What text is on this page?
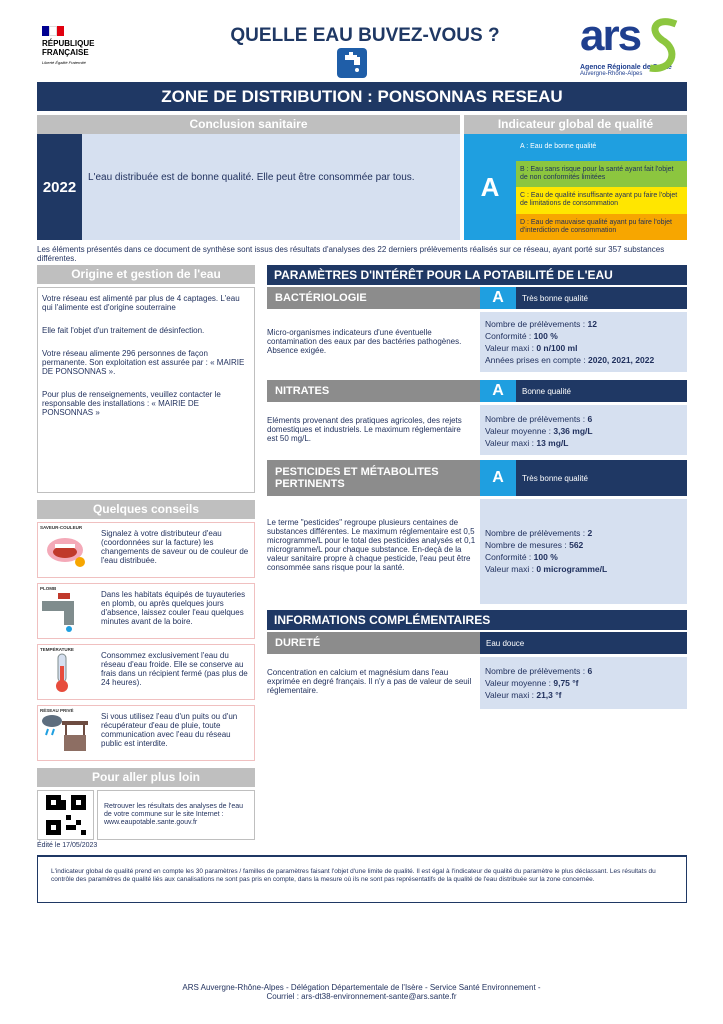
RÉPUBLIQUE
FRANÇAISE
Liberté Égalité Fraternité
QUELLE EAU BUVEZ-VOUS ? ars
Agence Régionale de Santé
Auvergne-Rhône-Alpes
ZONE DE DISTRIBUTION : PONSONNAS RESEAU
Conclusion sanitaire	Indicateur global de qualité
2022
L'eau distribuée est de bonne qualité. Elle peut être consommée par tous.	A
A : Eau de bonne qualité
B : Eau sans risque pour la santé ayant fait l'objet de non conformités limitées
C : Eau de qualité insuffisante ayant pu faire l'objet de limitations de consommation
D : Eau de mauvaise qualité ayant pu faire l'objet d'interdiction de consommation
Les éléments présentés dans ce document de synthèse sont issus des résultats d'analyses des 22 derniers prélèvements réalisés sur ce réseau, ayant porté sur 357 substances différentes.
Origine et gestion de l'eau

Votre réseau est alimenté par plus de 4 captages. L'eau qui l'alimente est d'origine souterraine

Elle fait l'objet d'un traitement de désinfection.

Votre réseau alimente 296 personnes de façon permanente. Son exploitation est assurée par : « MAIRIE DE PONSONNAS ».

Pour plus de renseignements, veuillez contacter le responsable des installations : « MAIRIE DE PONSONNAS »

Quelques conseils
SAVEUR-COULEUR
Signalez à votre distributeur d'eau (coordonnées sur la facture) les changements de saveur ou de couleur de l'eau distribuée.
PLOMB
Dans les habitats équipés de tuyauteries en plomb, ou après quelques jours d'absence, laissez couler l'eau quelques minutes avant de la boire.
TEMPÉRATURE
Consommez exclusivement l'eau du réseau d'eau froide. Elle se conserve au frais dans un récipient fermé (pas plus de 24 heures).
RÉSEAU PRIVÉ
Si vous utilisez l'eau d'un puits ou d'un récupérateur d'eau de pluie, toute communication avec l'eau du réseau public est interdite.
Pour aller plus loin
Retrouver les résultats des analyses de l'eau de votre commune sur le site Internet : www.eaupotable.sante.gouv.fr
Édité le 17/05/2023
PARAMÈTRES D'INTÉRÊT POUR LA POTABILITÉ DE L'EAU
BACTÉRIOLOGIE	A	Très bonne qualité
Micro-organismes indicateurs d'une éventuelle contamination des eaux par des bactéries pathogènes. Absence exigée.
Nombre de prélèvements : 12
Conformité : 100 %
Valeur maxi : 0 n/100 ml
Années prises en compte : 2020, 2021, 2022
NITRATES	A	Bonne qualité
Eléments provenant des pratiques agricoles, des rejets domestiques et industriels. Le maximum réglementaire est 50 mg/L.
Nombre de prélèvements : 6
Valeur moyenne : 3,36 mg/L
Valeur maxi : 13 mg/L
PESTICIDES ET MÉTABOLITES PERTINENTS	A	Très bonne qualité
Le terme "pesticides" regroupe plusieurs centaines de substances différentes. Le maximum réglementaire est 0,5 microgramme/L pour le total des pesticides analysés et 0,1 microgramme/L pour chaque substance. En-deçà de la valeur sanitaire propre à chaque pesticide, l'eau peut être consommée sans risque pour la santé.
Nombre de prélèvements : 2
Nombre de mesures : 562
Conformité : 100 %
Valeur maxi : 0 microgramme/L
INFORMATIONS COMPLÉMENTAIRES
DURETÉ	Eau douce
Concentration en calcium et magnésium dans l'eau exprimée en degré français. Il n'y a pas de valeur de seuil réglementaire.
Nombre de prélèvements : 6
Valeur moyenne : 9,75 °f
Valeur maxi : 21,3 °f
L'indicateur global de qualité prend en compte les 30 paramètres / familles de paramètres faisant l'objet d'une limite de qualité. Il est égal à l'indicateur de qualité du paramètre le plus déclassant. Les résultats du contrôle des paramètres de qualité liés aux canalisations ne sont pas pris en compte, dans la mesure où ils ne sont pas représentatifs de la qualité de l'eau distribuée sur la zone concernée.
ARS Auvergne-Rhône-Alpes - Délégation Départementale de l'Isère - Service Santé Environnement -
Courriel : ars-dt38-environnement-sante@ars.sante.fr
